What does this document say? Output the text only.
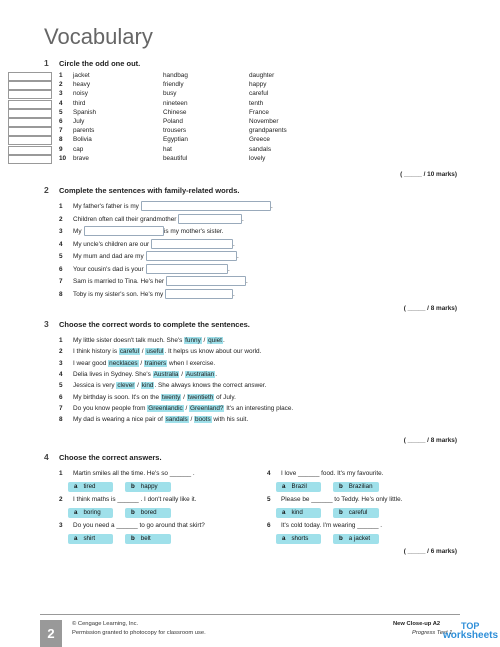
Vocabulary
1 Circle the odd one out.
1 jacket	handbag	daughter
2 heavy	friendly	happy
3 noisy	busy	careful
4 third	nineteen	tenth
5 Spanish	Chinese	France
6 July	Poland	November
7 parents	trousers	grandparents
8 Bolivia	Egyptian	Greece
9 cap	hat	sandals
10 brave	beautiful	lovely
( _____ / 10 marks)
2 Complete the sentences with family-related words.
1 My father's father is my	.
2 Children often call their grandmother	.
3 My	is my mother's sister.
4 My uncle's children are our	.
5 My mum and dad are my	.
6 Your cousin's dad is your	.
7 Sam is married to Tina. He's her	.
8 Toby is my sister's son. He's my	.
( _____ / 8 marks)
3 Choose the correct words to complete the sentences.
1 My little sister doesn't talk much. She's funny / quiet.
2 I think history is careful / useful. It helps us know about our world.
3 I wear good necklaces / trainers when I exercise.
4 Delia lives in Sydney. She's Australia / Australian.
5 Jessica is very clever / kind. She always knows the correct answer.
6 My birthday is soon. It's on the twenty / twentieth of July.
7 Do you know people from Greenlandic / Greenland? It's an interesting place.
8 My dad is wearing a nice pair of sandals / boots with his suit.
( _____ / 8 marks)
4 Choose the correct answers.
1 Martin smiles all the time. He's so ______ .
a tired	b happy
2 I think maths is ______ . I don't really like it.
a boring	b bored
3 Do you need a ______ to go around that skirt?
a shirt	b belt
4 I love ______ food. It's my favourite.
a Brazil	b Brazilian
5 Please be ______ to Teddy. He's only little.
a kind	b careful
6 It's cold today. I'm wearing ______ .
a shorts	b a jacket
( _____ / 6 marks)
2
© Cengage Learning, Inc.
Permission granted to photocopy for classroom use.
New Close-up A2
Progress Test 1
TOP
worksheets
